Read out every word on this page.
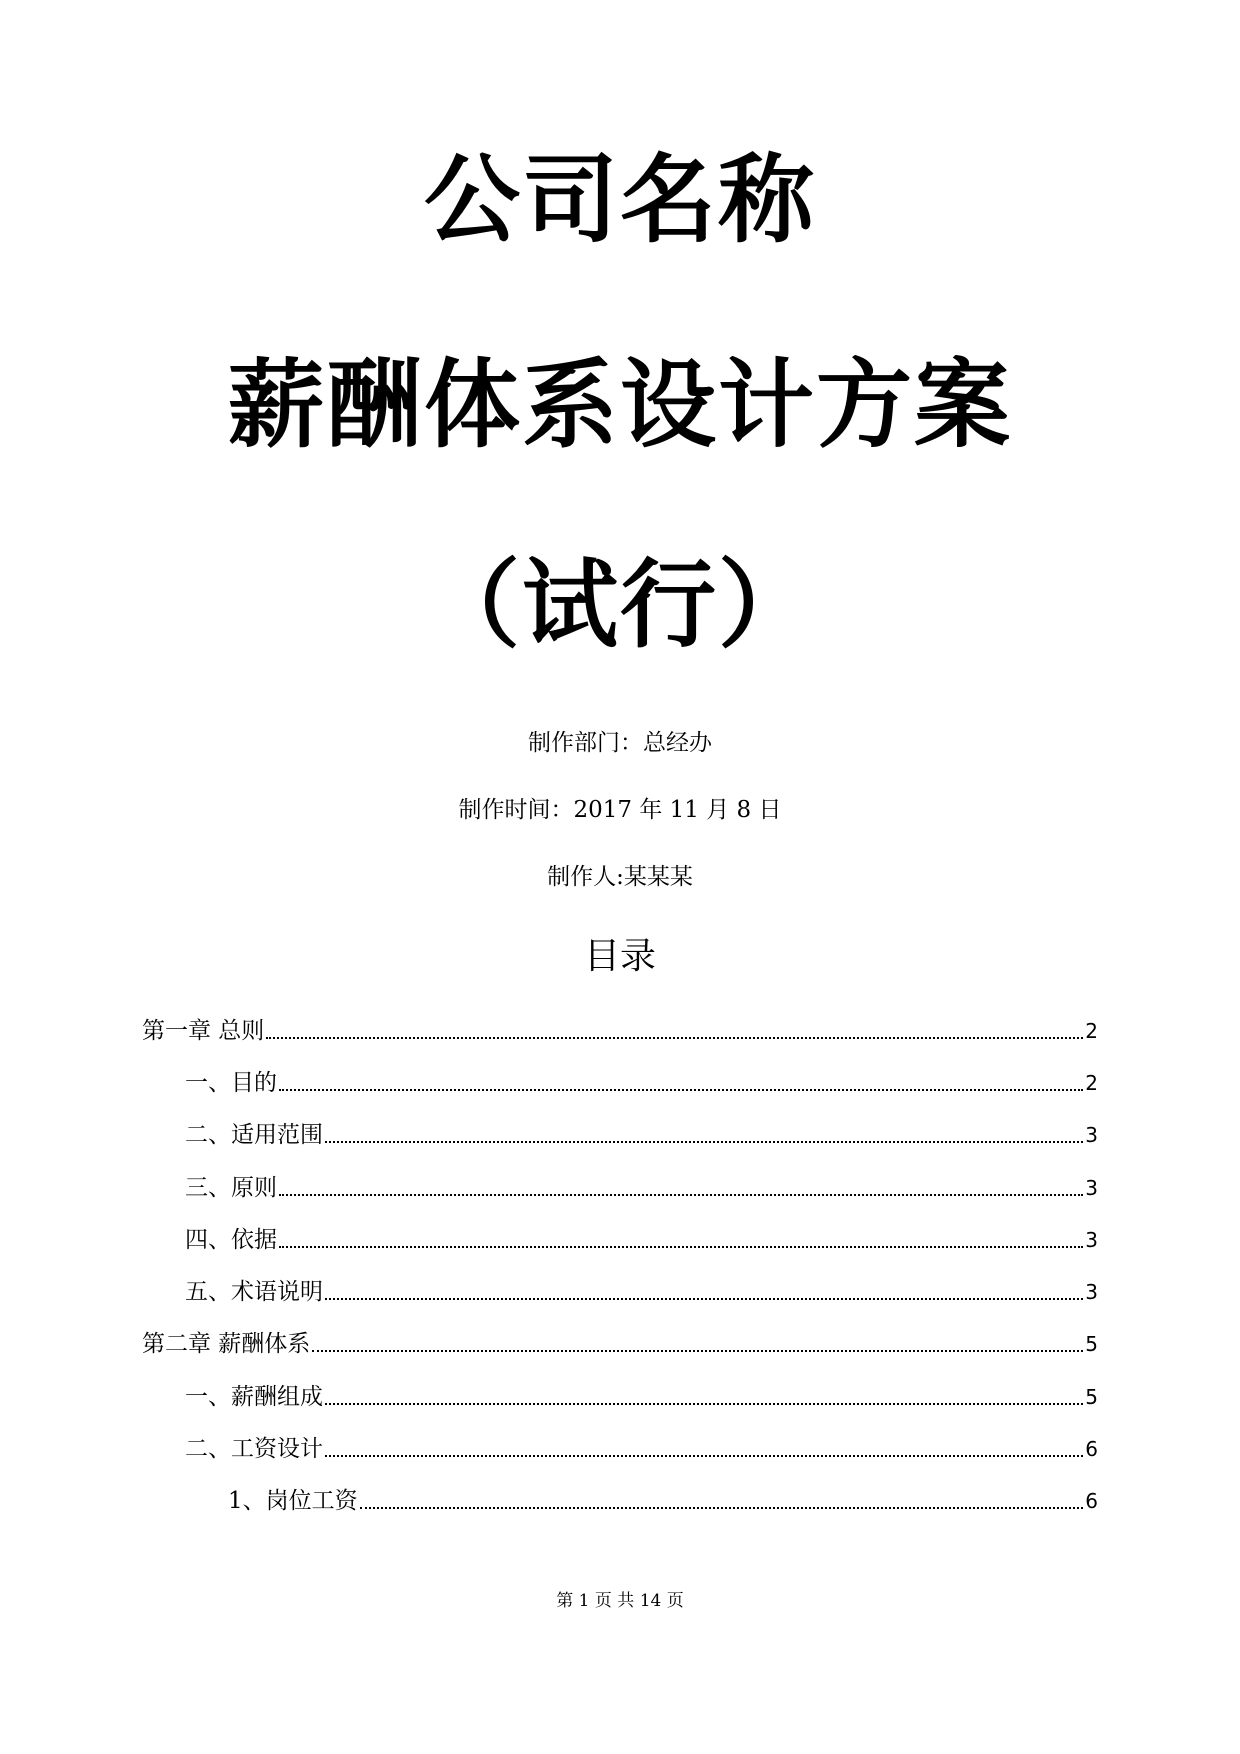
公司名称
薪酬体系设计方案
（试行）
制作部门：总经办
制作时间：2017 年 11 月 8 日
制作人:某某某
目录
第一章 总则	2
一、目的	2
二、适用范围	3
三、原则	3
四、依据	3
五、术语说明	3
第二章 薪酬体系	5
一、薪酬组成	5
二、工资设计	6
1、岗位工资	6
第 1 页 共 14 页
